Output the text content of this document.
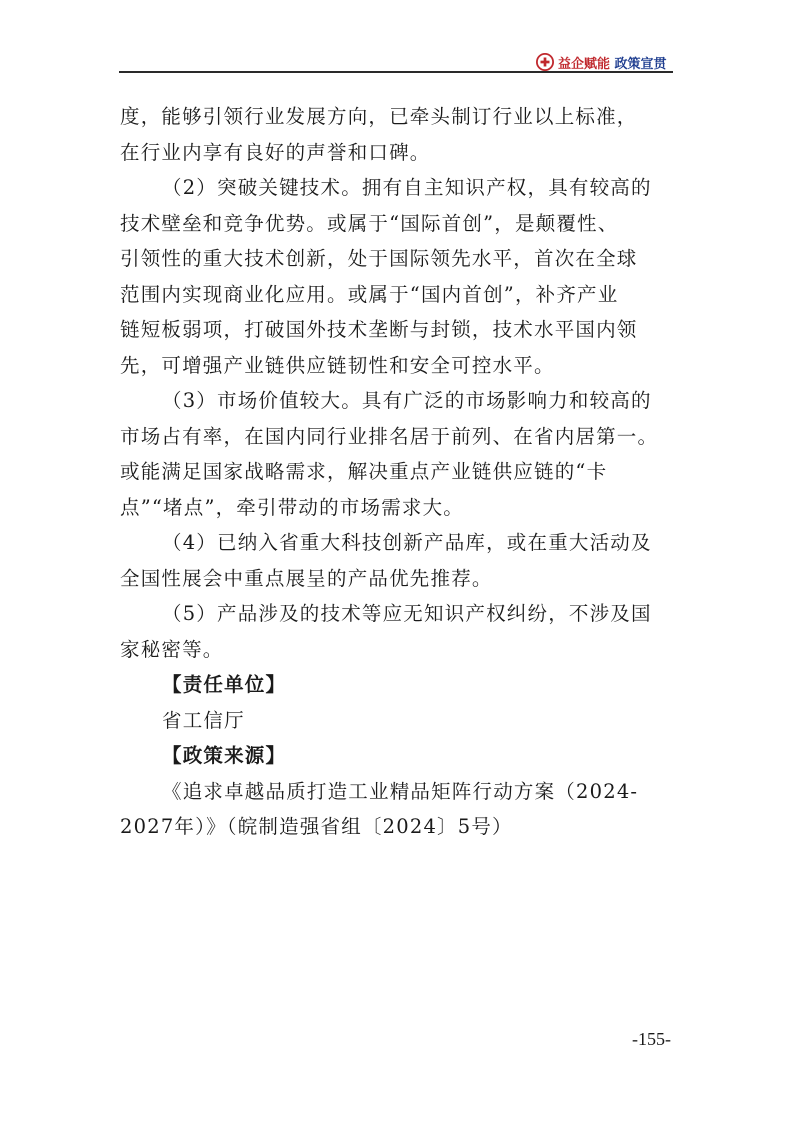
益企赋能 政策宣贯
度，能够引领行业发展方向，已牵头制订行业以上标准，
在行业内享有良好的声誉和口碑。
（2）突破关键技术。拥有自主知识产权，具有较高的
技术壁垒和竞争优势。或属于“国际首创”，是颠覆性、
引领性的重大技术创新，处于国际领先水平，首次在全球
范围内实现商业化应用。或属于“国内首创”，补齐产业
链短板弱项，打破国外技术垄断与封锁，技术水平国内领
先，可增强产业链供应链韧性和安全可控水平。
（3）市场价值较大。具有广泛的市场影响力和较高的
市场占有率，在国内同行业排名居于前列、在省内居第一。
或能满足国家战略需求，解决重点产业链供应链的“卡
点”“堵点”，牵引带动的市场需求大。
（4）已纳入省重大科技创新产品库，或在重大活动及
全国性展会中重点展呈的产品优先推荐。
（5）产品涉及的技术等应无知识产权纠纷，不涉及国
家秘密等。
【责任单位】
省工信厅
【政策来源】
《追求卓越品质打造工业精品矩阵行动方案（2024-
2027年）》（皖制造强省组〔2024〕5号）
-155-
